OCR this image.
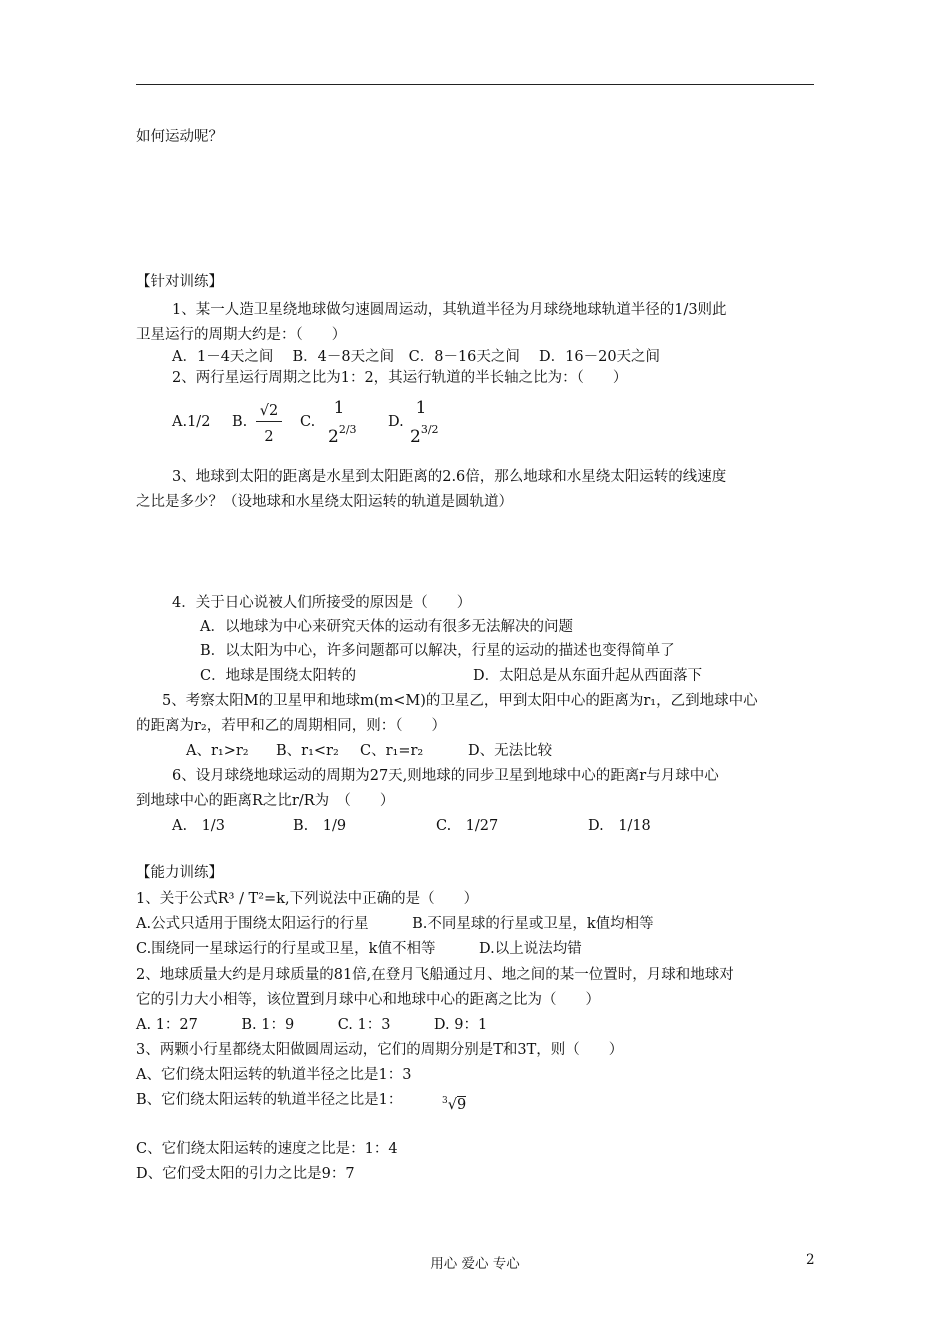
如何运动呢？
【针对训练】
1、某一人造卫星绕地球做匀速圆周运动，其轨道半径为月球绕地球轨道半径的1/3则此
卫星运行的周期大约是：（　　）
A．1－4天之间　 B．4－8天之间　C．8－16天之间　 D．16－20天之间
2、两行星运行周期之比为1：2，其运行轨道的半长轴之比为：（　　）
A.1/2 B. $\frac{√2}{2} C$.
1
$2^{2/3}$ D.
1
$2^{3/2}$
3、地球到太阳的距离是水星到太阳距离的2.6倍，那么地球和水星绕太阳运转的线速度
之比是多少？（设地球和水星绕太阳运转的轨道是圆轨道）
4．关于日心说被人们所接受的原因是（　　）
A．以地球为中心来研究天体的运动有很多无法解决的问题
B．以太阳为中心，许多问题都可以解决，行星的运动的描述也变得简单了
C．地球是围绕太阳转的	D．太阳总是从东面升起从西面落下
5、考察太阳M的卫星甲和地球m(m<M)的卫星乙，甲到太阳中心的距离为r₁，乙到地球中心
的距离为r₂，若甲和乙的周期相同，则：（　　）
A、r₁>r₂ B、r₁<r₂ C、r₁=r₂	D、无法比较
6、设月球绕地球运动的周期为27天,则地球的同步卫星到地球中心的距离r与月球中心
到地球中心的距离R之比r/R为　（　　）
A.　1/3	B.　1/9	C.　1/27	D.　1/18
【能力训练】
1、关于公式R³ / T²=k,下列说法中正确的是（　　）
A.公式只适用于围绕太阳运行的行星　　　B.不同星球的行星或卫星，k值均相等
C.围绕同一星球运行的行星或卫星，k值不相等　　　D.以上说法均错
2、地球质量大约是月球质量的81倍,在登月飞船通过月、地之间的某一位置时，月球和地球对
它的引力大小相等，该位置到月球中心和地球中心的距离之比为（　　）
A. 1：27　　　B. 1：9　　　C. 1：3　　　D. 9：1
3、两颗小行星都绕太阳做圆周运动，它们的周期分别是T和3T，则（　　）
A、它们绕太阳运转的轨道半径之比是1：3
B、它们绕太阳运转的轨道半径之比是1：	$^3$√9
C、它们绕太阳运转的速度之比是：1：4
D、它们受太阳的引力之比是9：7
用心 爱心 专心	2
